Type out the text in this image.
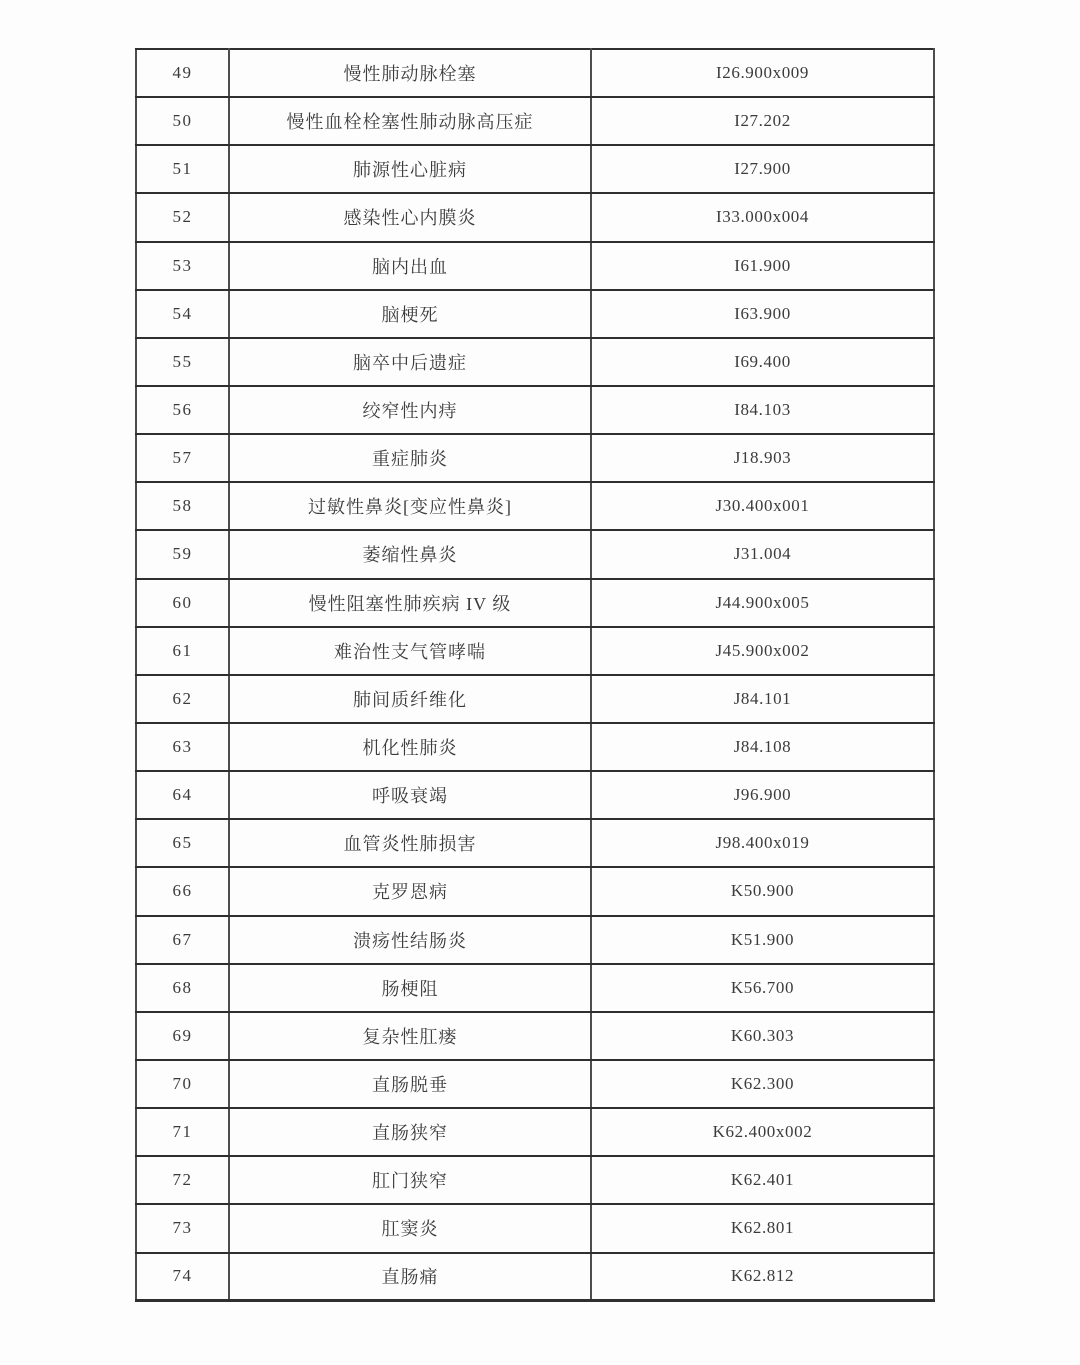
49	慢性肺动脉栓塞	I26.900x009
50	慢性血栓栓塞性肺动脉高压症	I27.202
51	肺源性心脏病	I27.900
52	感染性心内膜炎	I33.000x004
53	脑内出血	I61.900
54	脑梗死	I63.900
55	脑卒中后遗症	I69.400
56	绞窄性内痔	I84.103
57	重症肺炎	J18.903
58	过敏性鼻炎[变应性鼻炎]	J30.400x001
59	萎缩性鼻炎	J31.004
60	慢性阻塞性肺疾病 IV 级	J44.900x005
61	难治性支气管哮喘	J45.900x002
62	肺间质纤维化	J84.101
63	机化性肺炎	J84.108
64	呼吸衰竭	J96.900
65	血管炎性肺损害	J98.400x019
66	克罗恩病	K50.900
67	溃疡性结肠炎	K51.900
68	肠梗阻	K56.700
69	复杂性肛瘘	K60.303
70	直肠脱垂	K62.300
71	直肠狭窄	K62.400x002
72	肛门狭窄	K62.401
73	肛窦炎	K62.801
74	直肠痛	K62.812
